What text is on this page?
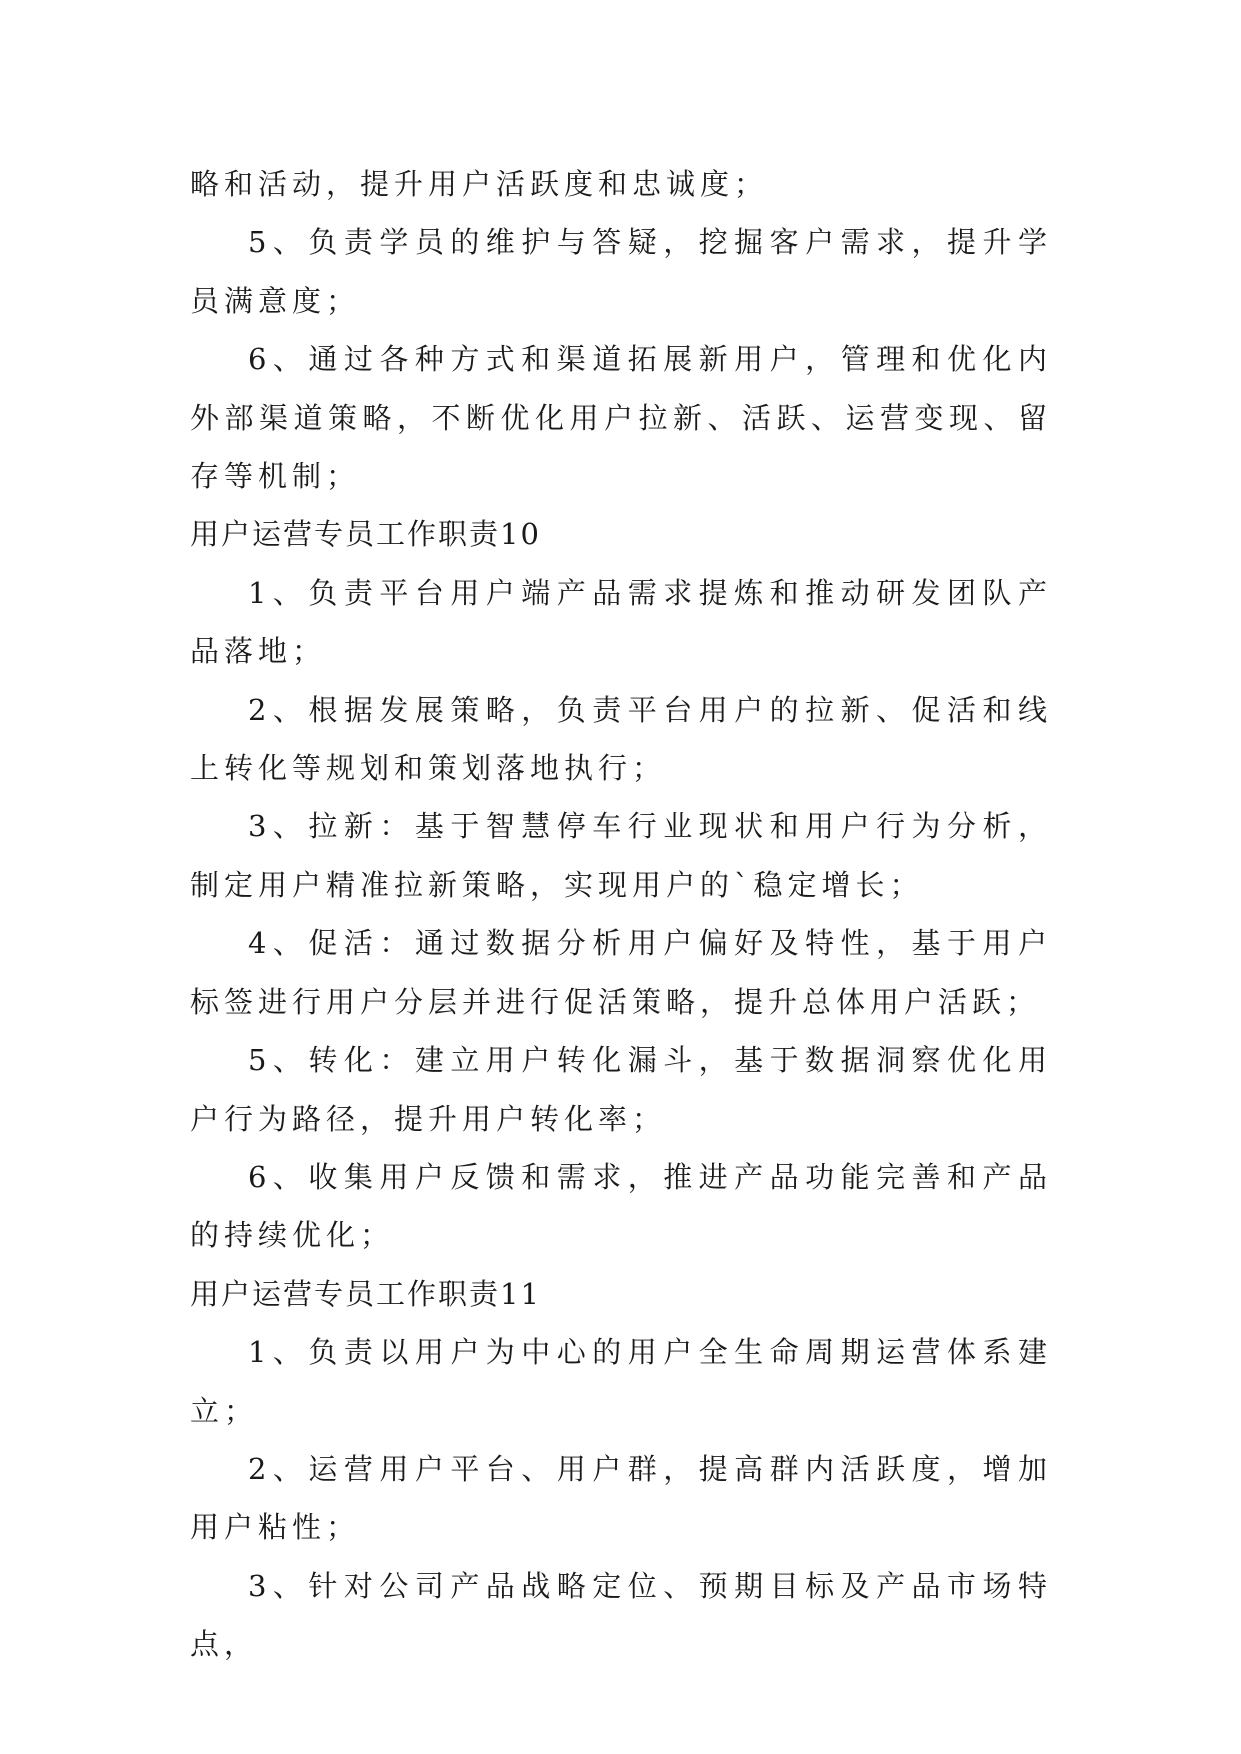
略和活动，提升用户活跃度和忠诚度；

5、负责学员的维护与答疑，挖掘客户需求，提升学员满意度；

6、通过各种方式和渠道拓展新用户，管理和优化内外部渠道策略，不断优化用户拉新、活跃、运营变现、留存等机制；

用户运营专员工作职责10

1、负责平台用户端产品需求提炼和推动研发团队产品落地；

2、根据发展策略，负责平台用户的拉新、促活和线上转化等规划和策划落地执行；

3、拉新：基于智慧停车行业现状和用户行为分析，制定用户精准拉新策略，实现用户的`稳定增长；

4、促活：通过数据分析用户偏好及特性，基于用户标签进行用户分层并进行促活策略，提升总体用户活跃；

5、转化：建立用户转化漏斗，基于数据洞察优化用户行为路径，提升用户转化率；

6、收集用户反馈和需求，推进产品功能完善和产品的持续优化；

用户运营专员工作职责11

1、负责以用户为中心的用户全生命周期运营体系建立；

2、运营用户平台、用户群，提高群内活跃度，增加用户粘性；

3、针对公司产品战略定位、预期目标及产品市场特点，
